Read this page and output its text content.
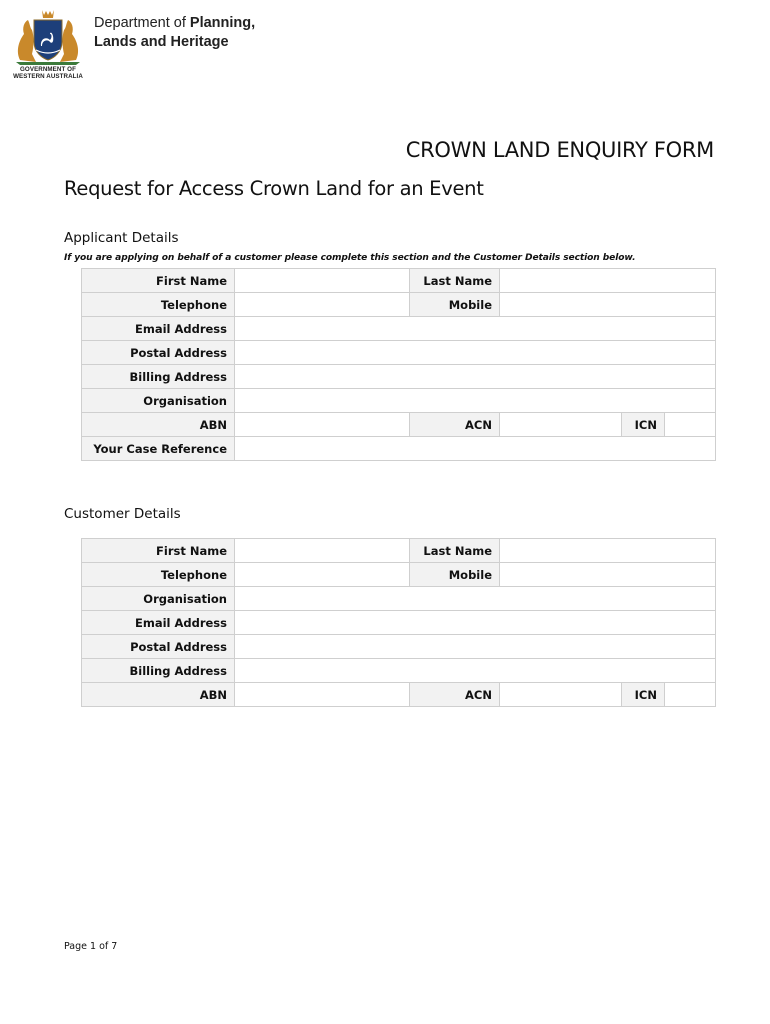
GOVERNMENT OF
WESTERN AUSTRALIA
Department of Planning,
Lands and Heritage
CROWN LAND ENQUIRY FORM
Request for Access Crown Land for an Event
Applicant Details
If you are applying on behalf of a customer please complete this section and the Customer Details section below.
First Name		Last Name	
Telephone		Mobile	
Email Address	
Postal Address	
Billing Address	
Organisation	
ABN		ACN		ICN	
Your Case Reference	
Customer Details
First Name		Last Name	
Telephone		Mobile	
Organisation	
Email Address	
Postal Address	
Billing Address	
ABN		ACN		ICN	
Page 1 of 7
